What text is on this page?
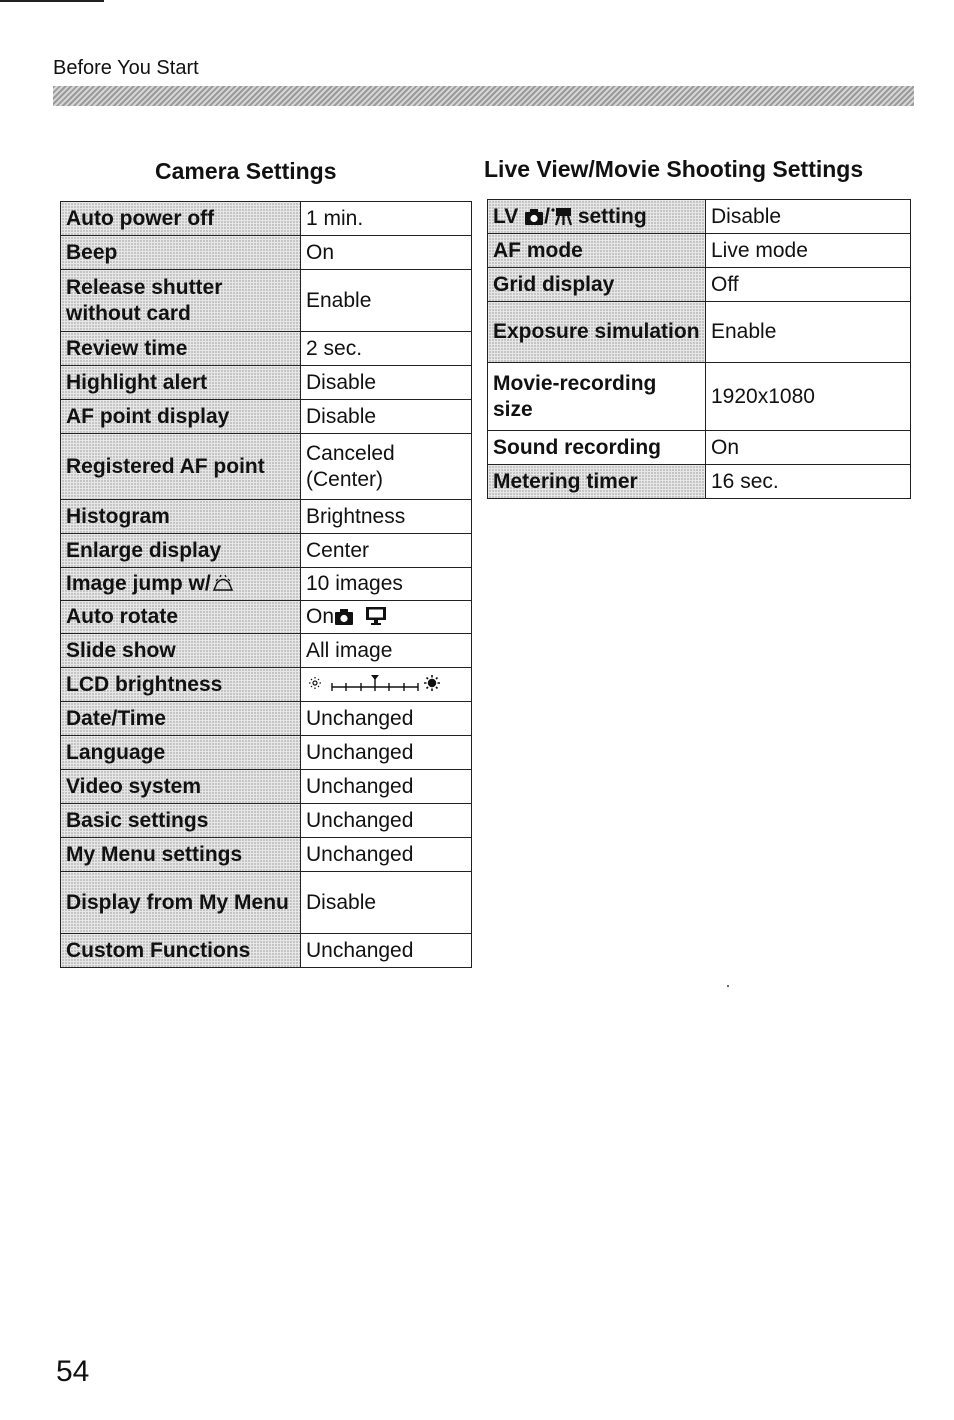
Before You Start
Camera Settings	Live View/Movie Shooting Settings
Auto power off	1 min.
Beep	On
Release shutter without card	Enable
Review time	2 sec.
Highlight alert	Disable
AF point display	Disable
Registered AF point	Canceled (Center)
Histogram	Brightness
Enlarge display	Center
Image jump w/	10 images
Auto rotate	On
Slide show	All image
LCD brightness	
Date/Time	Unchanged
Language	Unchanged
Video system	Unchanged
Basic settings	Unchanged
My Menu settings	Unchanged
Display from My Menu	Disable
Custom Functions	Unchanged
LV / setting	Disable
AF mode	Live mode
Grid display	Off
Exposure simulation	Enable
Movie-recording size	1920x1080
Sound recording	On
Metering timer	16 sec.
54
